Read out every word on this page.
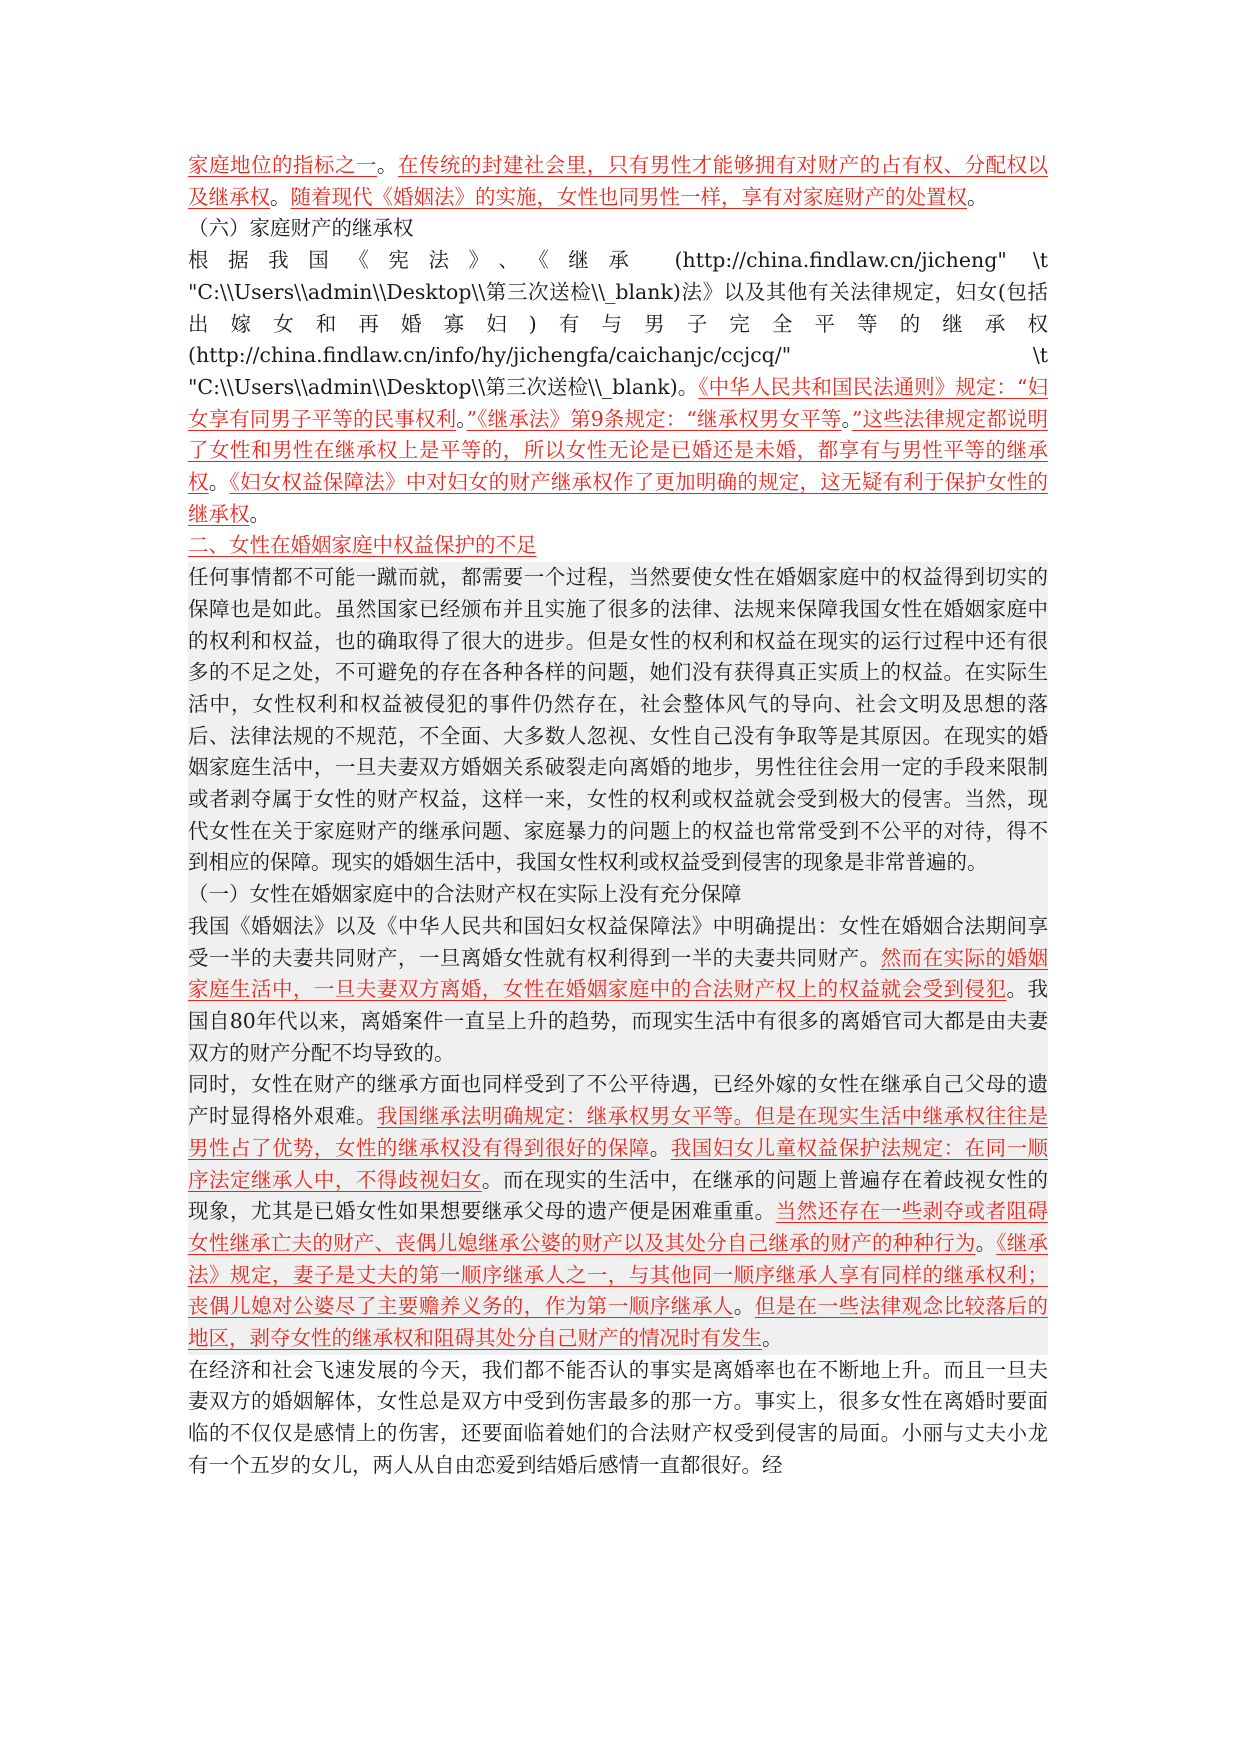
家庭地位的指标之一。在传统的封建社会里，只有男性才能够拥有对财产的占有权、分配权以及继承权。随着现代《婚姻法》的实施，女性也同男性一样，享有对家庭财产的处置权。

（六）家庭财产的继承权

根据我国《宪法》、《继承 (http://china.findlaw.cn/jicheng" \t "C:\\Users\\admin\\Desktop\\第三次送检\\_blank)法》以及其他有关法律规定，妇女(包括出嫁女和再婚寡妇)有与男子完全平等的继承权 (http://china.findlaw.cn/info/hy/jichengfa/caichanjc/ccjcq/" \t "C:\\Users\\admin\\Desktop\\第三次送检\\_blank)。《中华人民共和国民法通则》规定：“妇女享有同男子平等的民事权利。”《继承法》第9条规定：“继承权男女平等。”这些法律规定都说明了女性和男性在继承权上是平等的，所以女性无论是已婚还是未婚，都享有与男性平等的继承权。《妇女权益保障法》中对妇女的财产继承权作了更加明确的规定，这无疑有利于保护女性的继承权。

二、女性在婚姻家庭中权益保护的不足

任何事情都不可能一蹴而就，都需要一个过程，当然要使女性在婚姻家庭中的权益得到切实的保障也是如此。虽然国家已经颁布并且实施了很多的法律、法规来保障我国女性在婚姻家庭中的权利和权益，也的确取得了很大的进步。但是女性的权利和权益在现实的运行过程中还有很多的不足之处，不可避免的存在各种各样的问题，她们没有获得真正实质上的权益。在实际生活中，女性权利和权益被侵犯的事件仍然存在，社会整体风气的导向、社会文明及思想的落后、法律法规的不规范，不全面、大多数人忽视、女性自己没有争取等是其原因。在现实的婚姻家庭生活中，一旦夫妻双方婚姻关系破裂走向离婚的地步，男性往往会用一定的手段来限制或者剥夺属于女性的财产权益，这样一来，女性的权利或权益就会受到极大的侵害。当然，现代女性在关于家庭财产的继承问题、家庭暴力的问题上的权益也常常受到不公平的对待，得不到相应的保障。现实的婚姻生活中，我国女性权利或权益受到侵害的现象是非常普遍的。

（一）女性在婚姻家庭中的合法财产权在实际上没有充分保障

我国《婚姻法》以及《中华人民共和国妇女权益保障法》中明确提出：女性在婚姻合法期间享受一半的夫妻共同财产，一旦离婚女性就有权利得到一半的夫妻共同财产。然而在实际的婚姻家庭生活中，一旦夫妻双方离婚，女性在婚姻家庭中的合法财产权上的权益就会受到侵犯。我国自80年代以来，离婚案件一直呈上升的趋势，而现实生活中有很多的离婚官司大都是由夫妻双方的财产分配不均导致的。

同时，女性在财产的继承方面也同样受到了不公平待遇，已经外嫁的女性在继承自己父母的遗产时显得格外艰难。我国继承法明确规定：继承权男女平等。但是在现实生活中继承权往往是男性占了优势，女性的继承权没有得到很好的保障。我国妇女儿童权益保护法规定：在同一顺序法定继承人中，不得歧视妇女。而在现实的生活中，在继承的问题上普遍存在着歧视女性的现象，尤其是已婚女性如果想要继承父母的遗产便是困难重重。当然还存在一些剥夺或者阻碍女性继承亡夫的财产、丧偶儿媳继承公婆的财产以及其处分自己继承的财产的种种行为。《继承法》规定，妻子是丈夫的第一顺序继承人之一，与其他同一顺序继承人享有同样的继承权利；丧偶儿媳对公婆尽了主要赡养义务的，作为第一顺序继承人。但是在一些法律观念比较落后的地区，剥夺女性的继承权和阻碍其处分自己财产的情况时有发生。

在经济和社会飞速发展的今天，我们都不能否认的事实是离婚率也在不断地上升。而且一旦夫妻双方的婚姻解体，女性总是双方中受到伤害最多的那一方。事实上，很多女性在离婚时要面临的不仅仅是感情上的伤害，还要面临着她们的合法财产权受到侵害的局面。小丽与丈夫小龙有一个五岁的女儿，两人从自由恋爱到结婚后感情一直都很好。经
